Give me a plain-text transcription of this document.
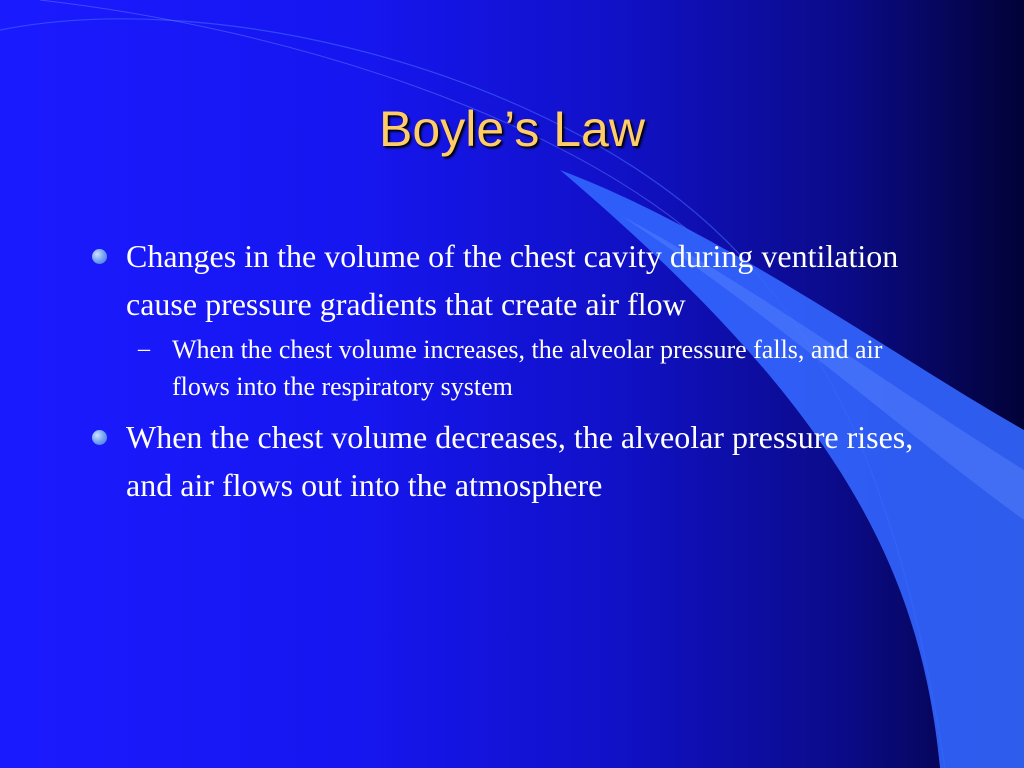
Boyle’s Law
Changes in the volume of the chest cavity during ventilation cause pressure gradients that create air flow
– When the chest volume increases, the alveolar pressure falls, and air flows into the respiratory system
When the chest volume decreases, the alveolar pressure rises, and air flows out into the atmosphere
